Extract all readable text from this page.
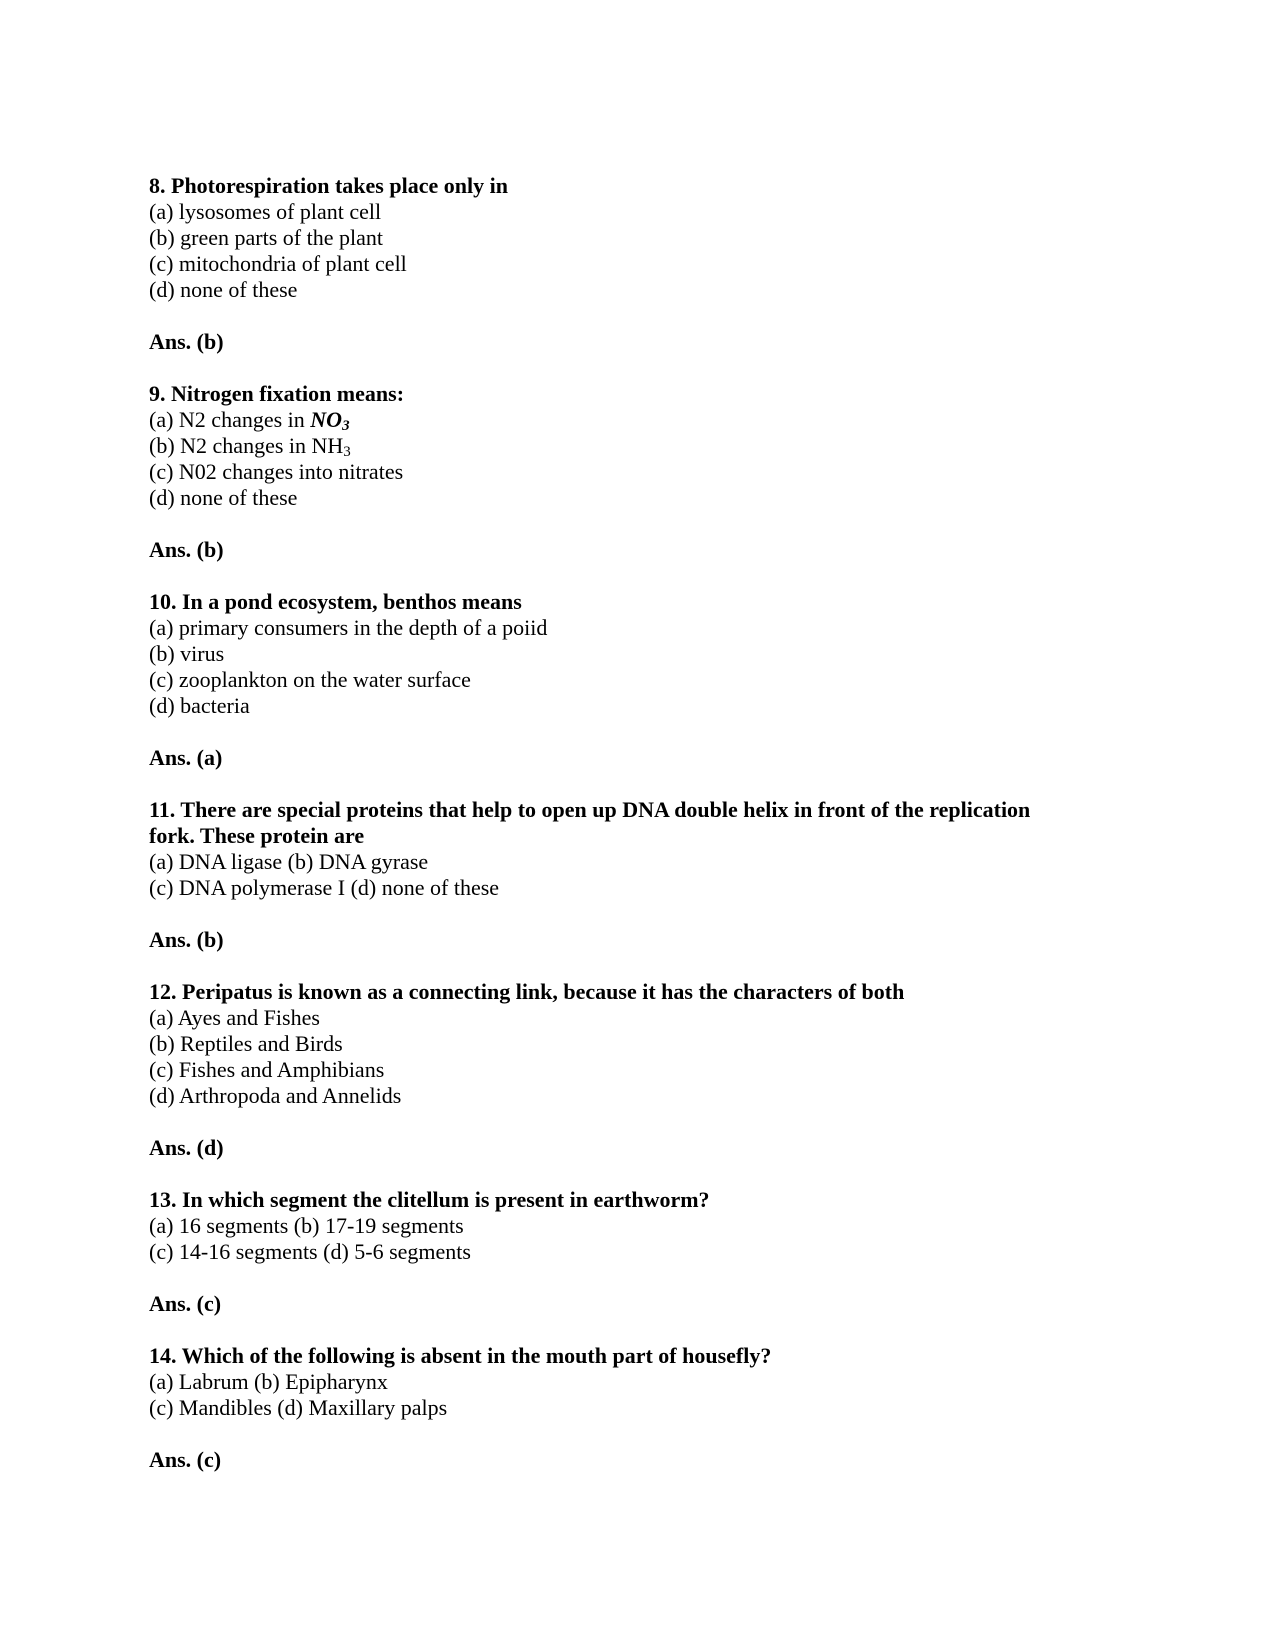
8. Photorespiration takes place only in
(a) lysosomes of plant cell
(b) green parts of the plant
(c) mitochondria of plant cell
(d) none of these
Ans. (b)
9. Nitrogen fixation means:
(a) N2 changes in $NO_3$
(b) N2 changes in $NH_3$
(c) N02 changes into nitrates
(d) none of these
Ans. (b)
10. In a pond ecosystem, benthos means
(a) primary consumers in the depth of a poiid
(b) virus
(c) zooplankton on the water surface
(d) bacteria
Ans. (a)
11. There are special proteins that help to open up DNA double helix in front of the replication
fork. These protein are
(a) DNA ligase (b) DNA gyrase
(c) DNA polymerase I (d) none of these
Ans. (b)
12. Peripatus is known as a connecting link, because it has the characters of both
(a) Ayes and Fishes
(b) Reptiles and Birds
(c) Fishes and Amphibians
(d) Arthropoda and Annelids
Ans. (d)
13. In which segment the clitellum is present in earthworm?
(a) 16 segments (b) 17-19 segments
(c) 14-16 segments (d) 5-6 segments
Ans. (c)
14. Which of the following is absent in the mouth part of housefly?
(a) Labrum (b) Epipharynx
(c) Mandibles (d) Maxillary palps
Ans. (c)
